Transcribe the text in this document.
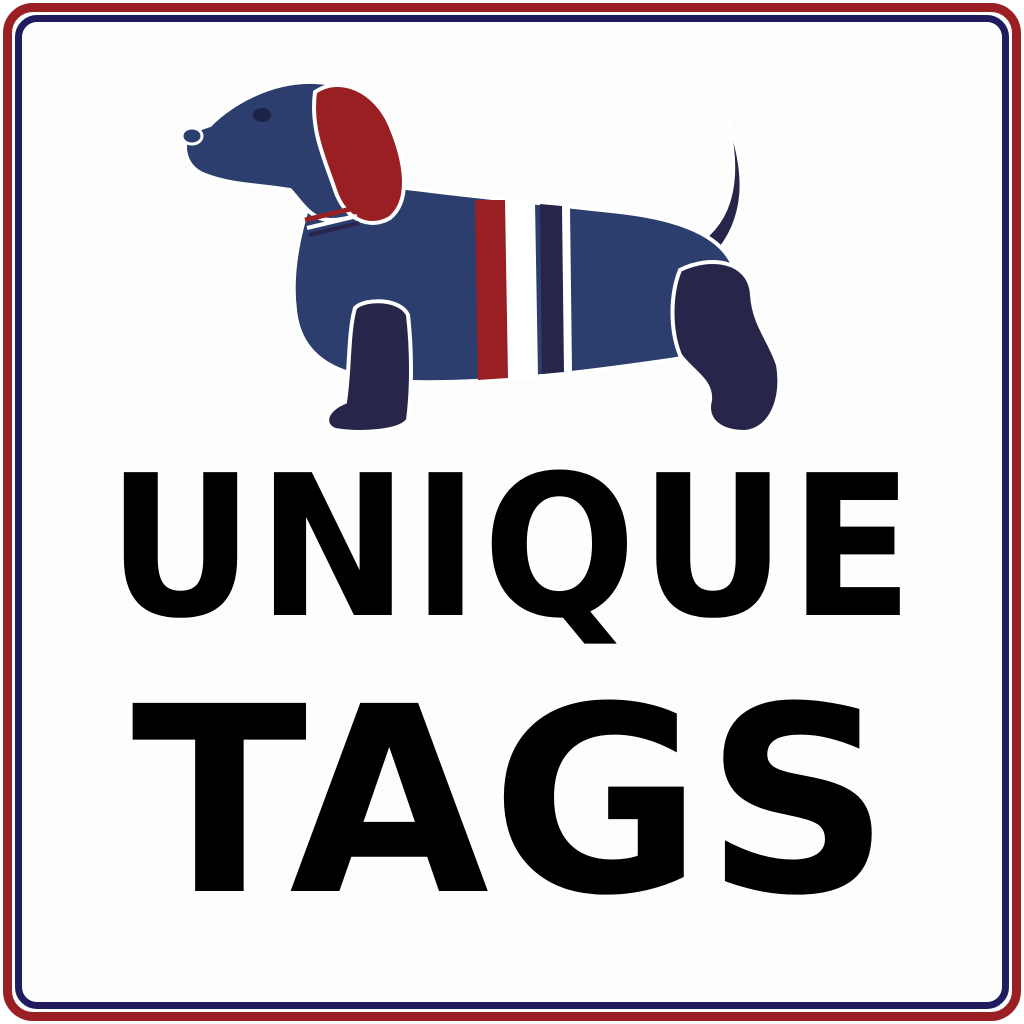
UNIQUE
TAGS
